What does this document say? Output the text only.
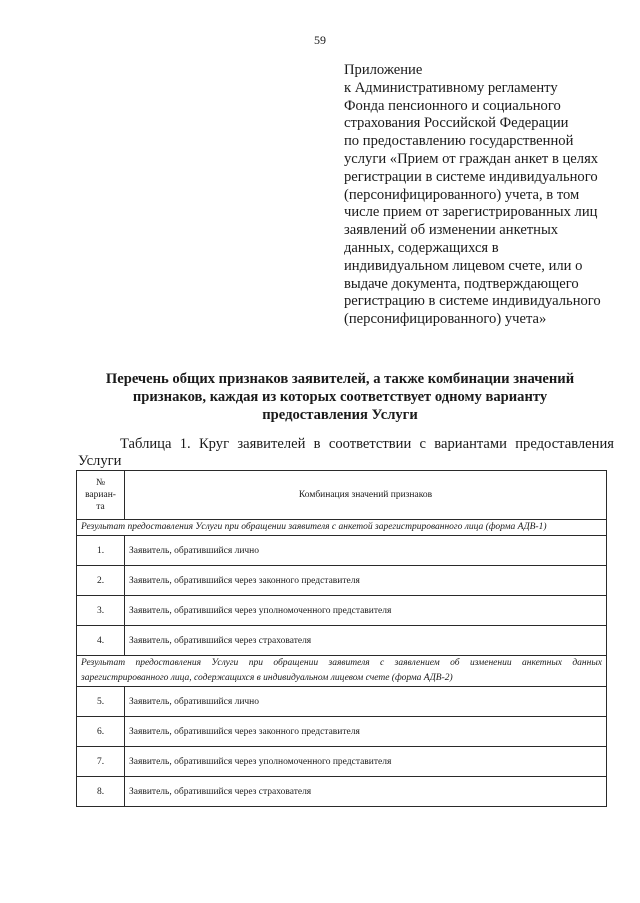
59
Приложение
к Административному регламенту
Фонда пенсионного и социального
страхования Российской Федерации
по предоставлению государственной
услуги «Прием от граждан анкет в целях
регистрации в системе индивидуального
(персонифицированного) учета, в том
числе прием от зарегистрированных лиц
заявлений об изменении анкетных
данных, содержащихся в
индивидуальном лицевом счете, или о
выдаче документа, подтверждающего
регистрацию в системе индивидуального
(персонифицированного) учета»
Перечень общих признаков заявителей, а также комбинации значений
признаков, каждая из которых соответствует одному варианту
предоставления Услуги
Таблица 1. Круг заявителей в соответствии с вариантами предоставления
Услуги
№ вариан-та	Комбинация значений признаков
Результат предоставления Услуги при обращении заявителя с анкетой зарегистрированного лица (форма АДВ-1)	
1.	Заявитель, обратившийся лично
2.	Заявитель, обратившийся через законного представителя
3.	Заявитель, обратившийся через уполномоченного представителя
4.	Заявитель, обратившийся через страхователя
Результат предоставления Услуги при обращении заявителя с заявлением об изменении анкетных данных зарегистрированного лица, содержащихся в индивидуальном лицевом счете (форма АДВ-2)	
5.	Заявитель, обратившийся лично
6.	Заявитель, обратившийся через законного представителя
7.	Заявитель, обратившийся через уполномоченного представителя
8.	Заявитель, обратившийся через страхователя
